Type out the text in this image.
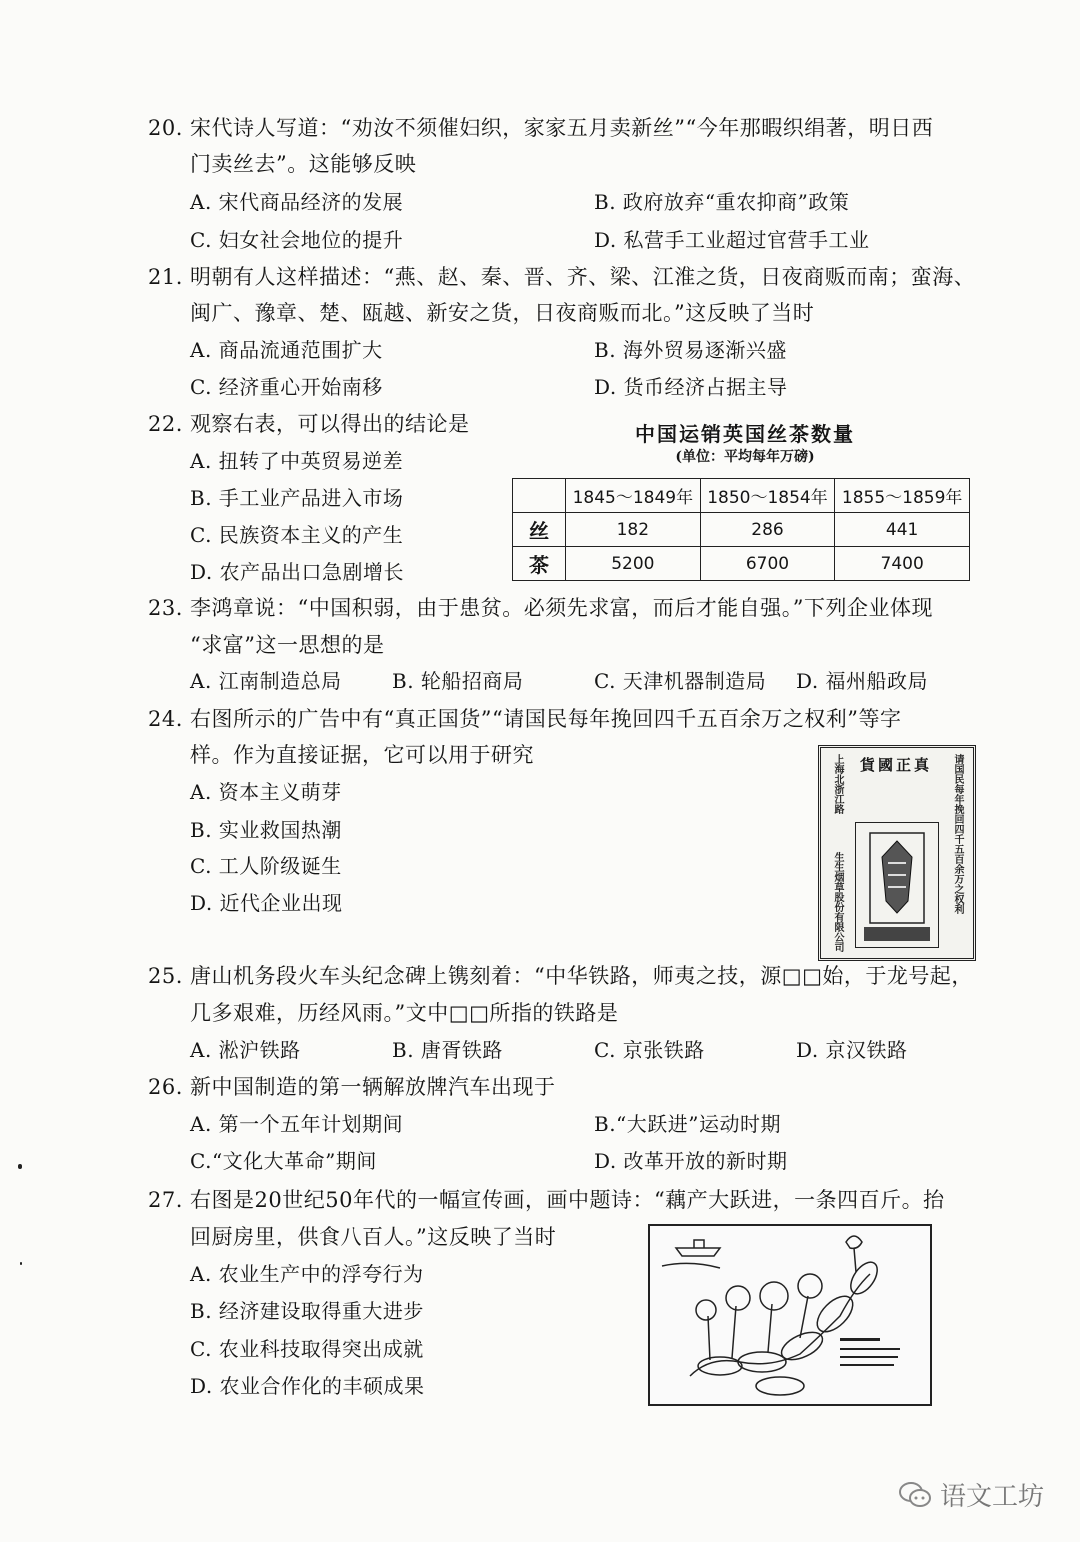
20. 宋代诗人写道：“劝汝不须催妇织，家家五月卖新丝”“今年那暇织绢著，明日西
门卖丝去”。这能够反映
A. 宋代商品经济的发展	B. 政府放弃“重农抑商”政策
C. 妇女社会地位的提升	D. 私营手工业超过官营手工业
21. 明朝有人这样描述：“燕、赵、秦、晋、齐、梁、江淮之货，日夜商贩而南；蛮海、
闽广、豫章、楚、瓯越、新安之货，日夜商贩而北。”这反映了当时
A. 商品流通范围扩大	B. 海外贸易逐渐兴盛
C. 经济重心开始南移	D. 货币经济占据主导
22. 观察右表，可以得出的结论是
A. 扭转了中英贸易逆差
B. 手工业产品进入市场
C. 民族资本主义的产生
D. 农产品出口急剧增长
中国运销英国丝茶数量
(单位：平均每年万磅)
	1845～1849年	1850～1854年	1855～1859年
丝	182	286	441
茶	5200	6700	7400
23. 李鸿章说：“中国积弱，由于患贫。必须先求富，而后才能自强。”下列企业体现
“求富”这一思想的是
A. 江南制造总局	B. 轮船招商局	C. 天津机器制造局 D. 福州船政局
24. 右图所示的广告中有“真正国货”“请国民每年挽回四千五百余万之权利”等字
样。作为直接证据，它可以用于研究
A. 资本主义萌芽
B. 实业救国热潮
C. 工人阶级诞生
D. 近代企业出现
貨國正真	请国民每年挽回四千五百余万之权利
上海北浙江路
生生烟草股份有限公司
25. 唐山机务段火车头纪念碑上镌刻着：“中华铁路，师夷之技，源□□始，于龙号起，
几多艰难，历经风雨。”文中□□所指的铁路是
A. 淞沪铁路	B. 唐胥铁路	C. 京张铁路	D. 京汉铁路
26. 新中国制造的第一辆解放牌汽车出现于
A. 第一个五年计划期间	B.“大跃进”运动时期
C.“文化大革命”期间	D. 改革开放的新时期
27. 右图是20世纪50年代的一幅宣传画，画中题诗：“藕产大跃进，一条四百斤。抬
回厨房里，供食八百人。”这反映了当时
A. 农业生产中的浮夸行为
B. 经济建设取得重大进步
C. 农业科技取得突出成就
D. 农业合作化的丰硕成果
语文工坊
